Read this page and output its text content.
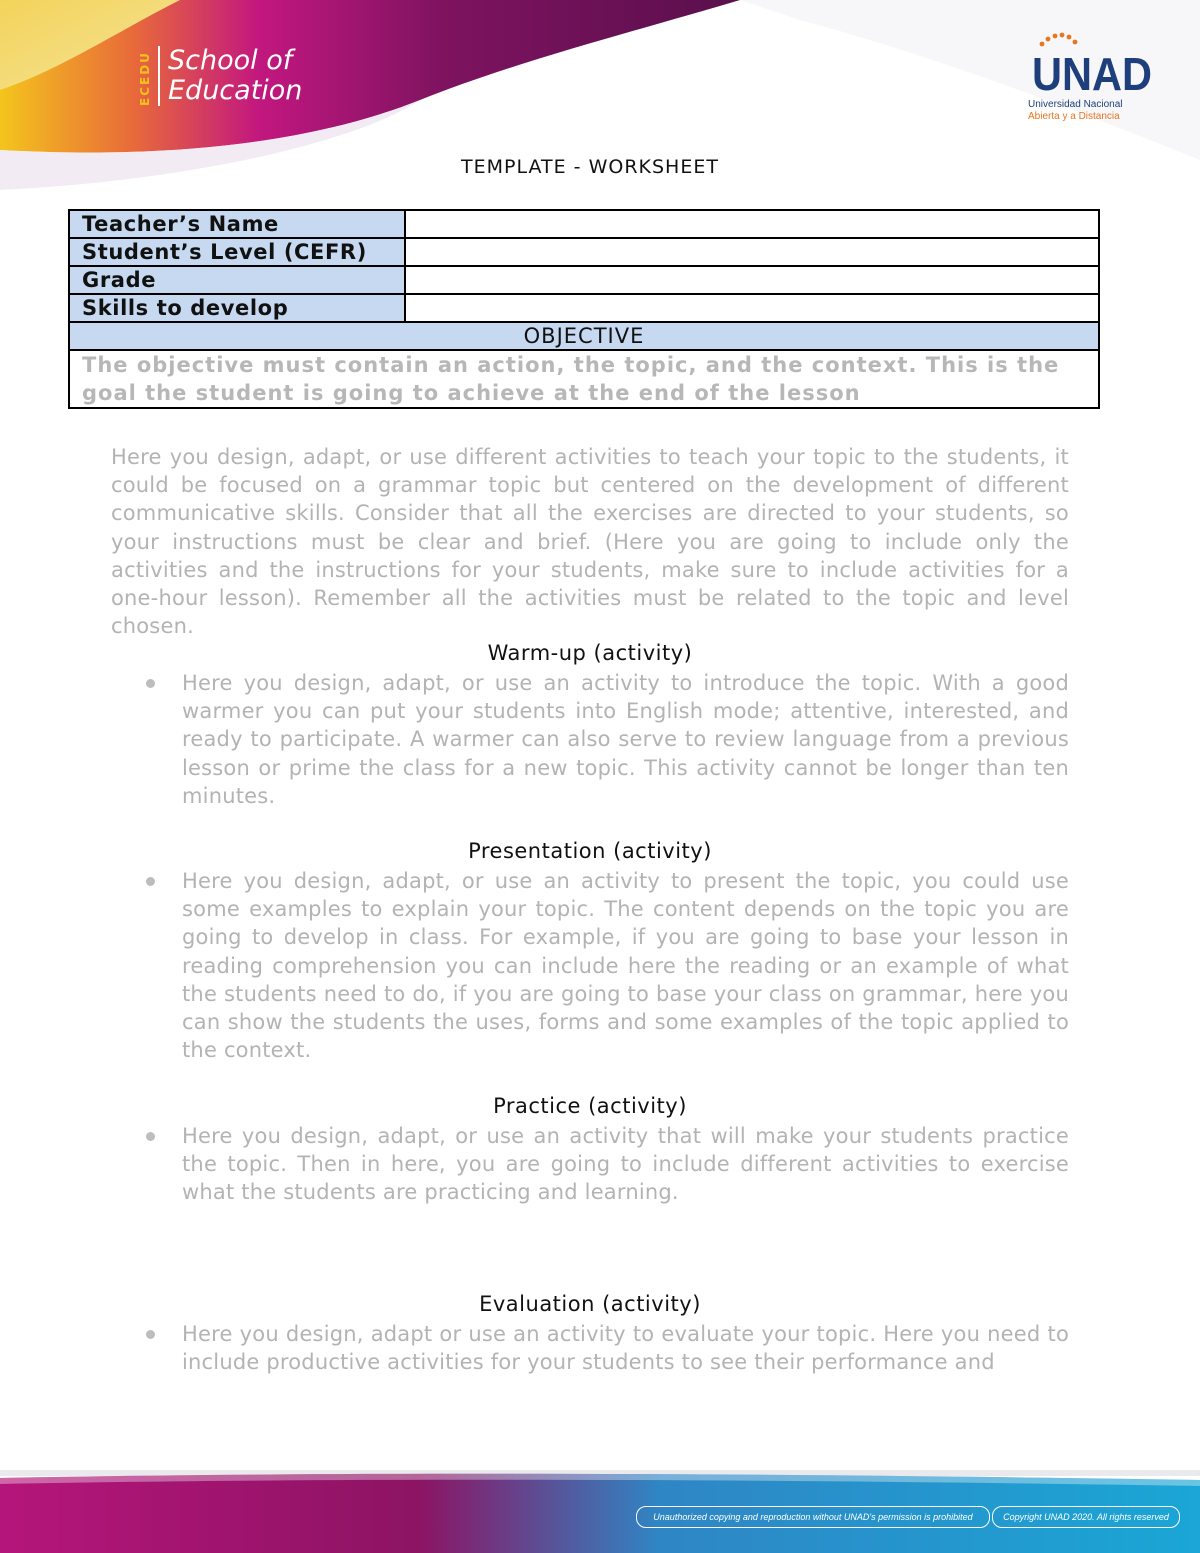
ECEDU School of
Education	UNAD
Universidad Nacional
Abierta y a Distancia
TEMPLATE - WORKSHEET
Teacher’s Name	
Student’s Level (CEFR)	
Grade	
Skills to develop	
OBJECTIVE	
The objective must contain an action, the topic, and the context. This is the goal the student is going to achieve at the end of the lesson	
Here you design, adapt, or use different activities to teach your topic to the students, it could be focused on a grammar topic but centered on the development of different communicative skills. Consider that all the exercises are directed to your students, so your instructions must be clear and brief. (Here you are going to include only the activities and the instructions for your students, make sure to include activities for a one-hour lesson). Remember all the activities must be related to the topic and level chosen.
Warm-up (activity)
Here you design, adapt, or use an activity to introduce the topic. With a good warmer you can put your students into English mode; attentive, interested, and ready to participate. A warmer can also serve to review language from a previous lesson or prime the class for a new topic. This activity cannot be longer than ten minutes.
Presentation (activity)
Here you design, adapt, or use an activity to present the topic, you could use some examples to explain your topic. The content depends on the topic you are going to develop in class. For example, if you are going to base your lesson in reading comprehension you can include here the reading or an example of what the students need to do, if you are going to base your class on grammar, here you can show the students the uses, forms and some examples of the topic applied to the context.
Practice (activity)
Here you design, adapt, or use an activity that will make your students practice the topic. Then in here, you are going to include different activities to exercise what the students are practicing and learning.
Evaluation (activity)
Here you design, adapt or use an activity to evaluate your topic. Here you need to include productive activities for your students to see their performance and
Unauthorized copying and reproduction without UNAD's permission is prohibited	Copyright UNAD 2020. All rights reserved
